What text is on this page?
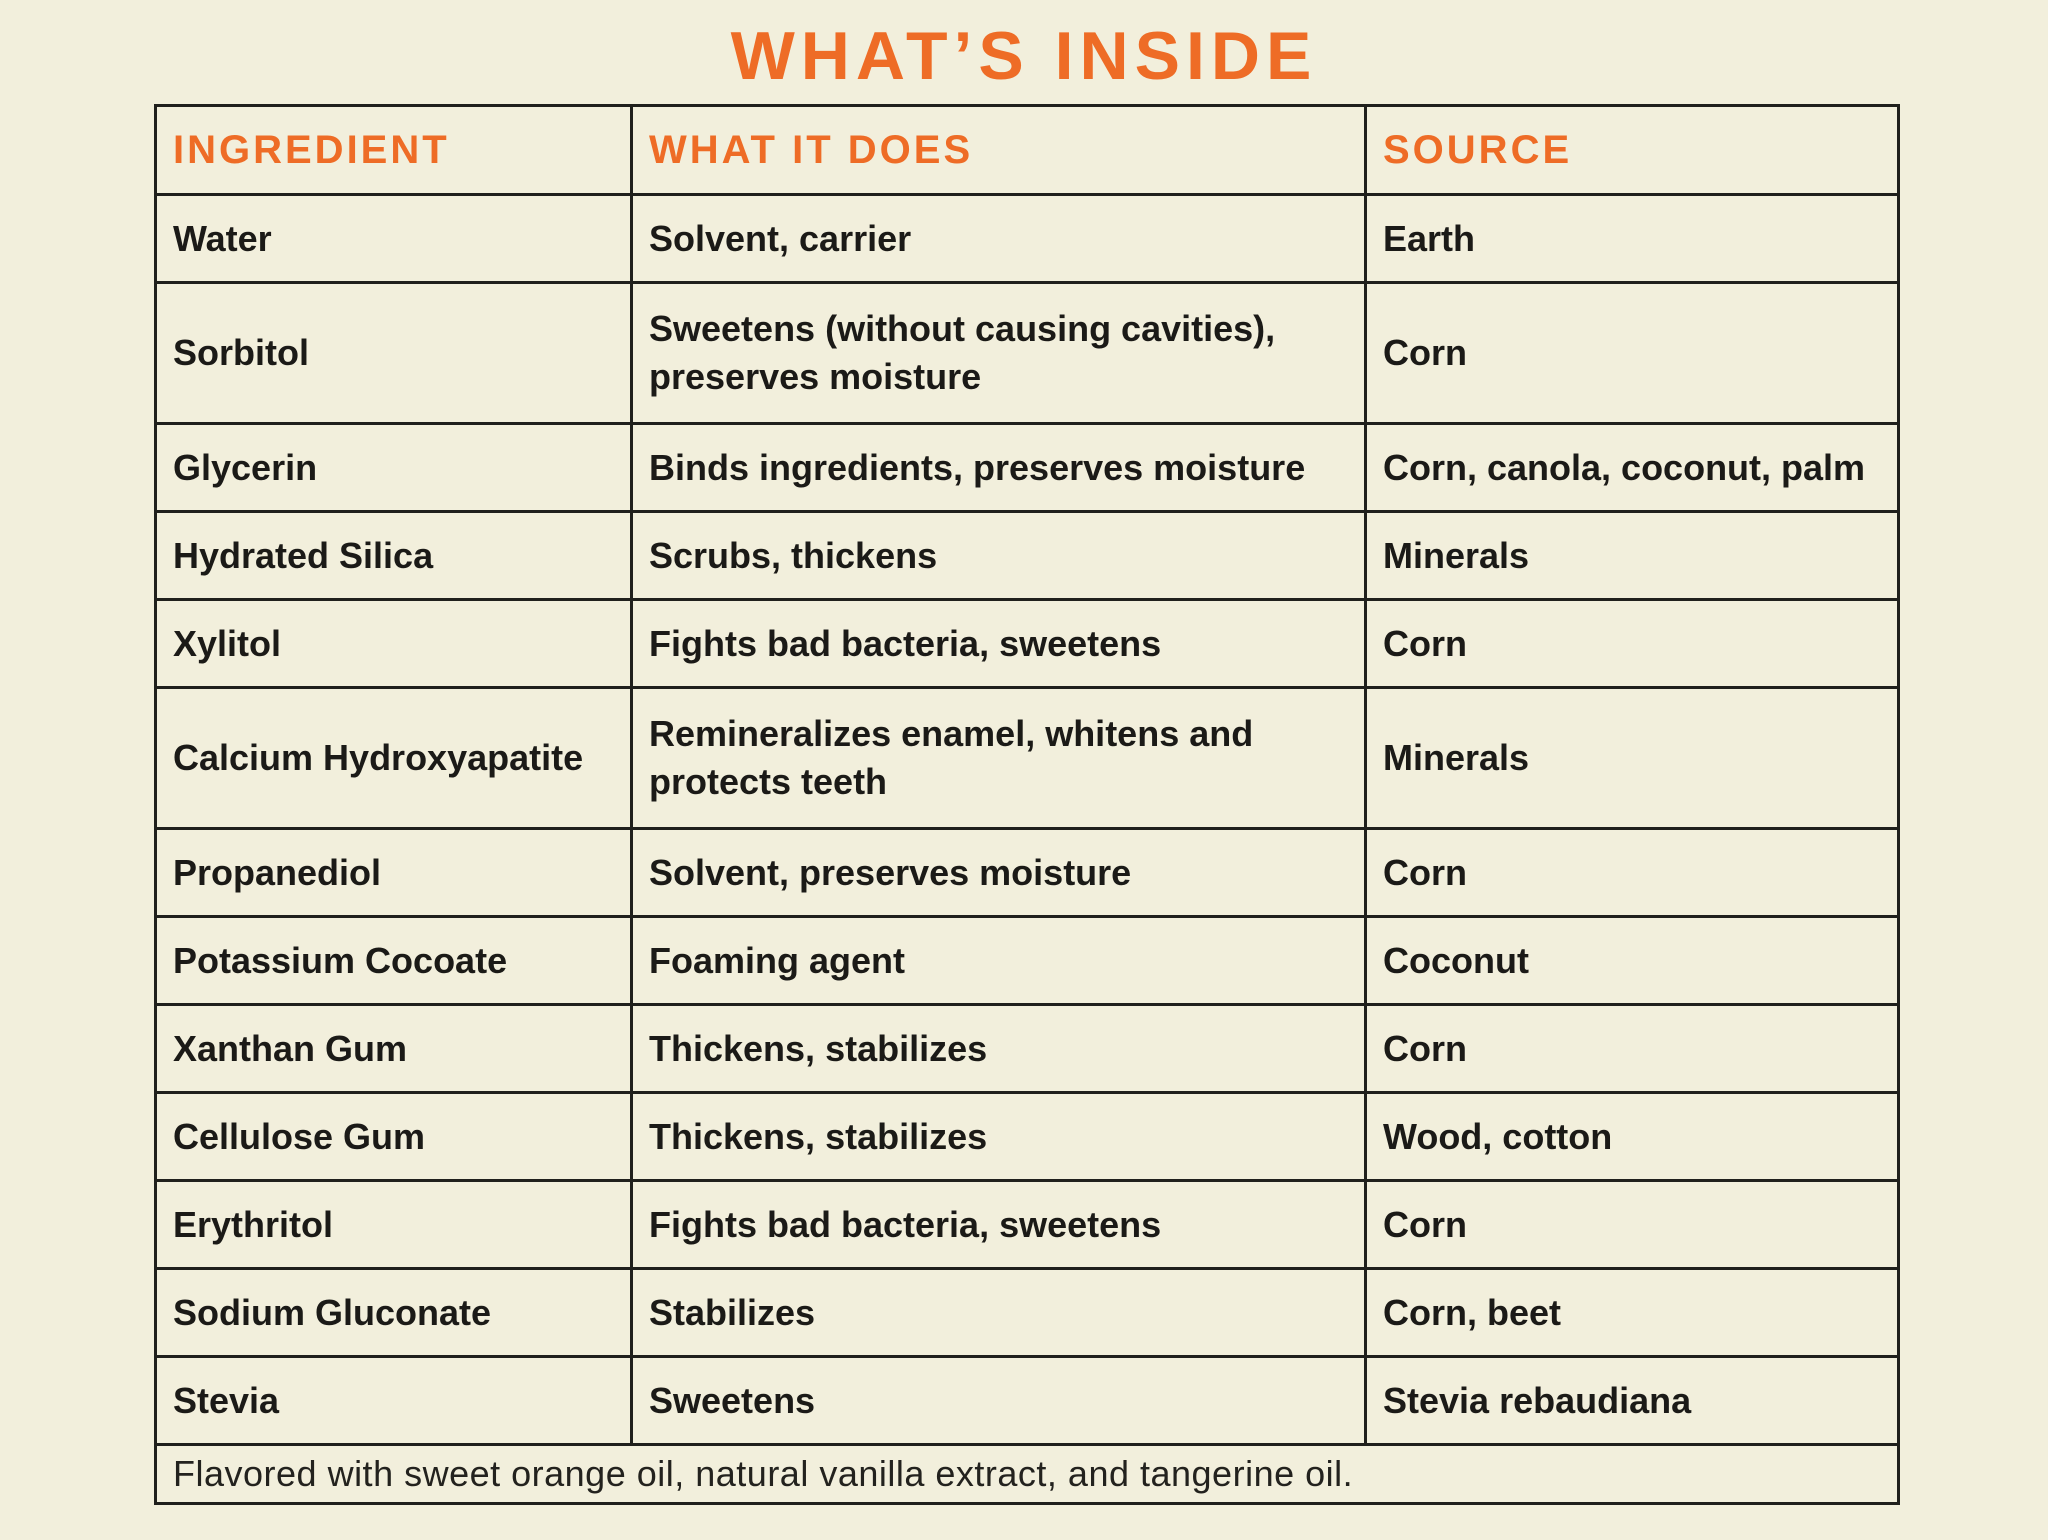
WHAT’S INSIDE
INGREDIENT	WHAT IT DOES	SOURCE
Water	Solvent, carrier	Earth
Sorbitol	Sweetens (without causing cavities), preserves moisture	Corn
Glycerin	Binds ingredients, preserves moisture	Corn, canola, coconut, palm
Hydrated Silica	Scrubs, thickens	Minerals
Xylitol	Fights bad bacteria, sweetens	Corn
Calcium Hydroxyapatite	Remineralizes enamel, whitens and protects teeth	Minerals
Propanediol	Solvent, preserves moisture	Corn
Potassium Cocoate	Foaming agent	Coconut
Xanthan Gum	Thickens, stabilizes	Corn
Cellulose Gum	Thickens, stabilizes	Wood, cotton
Erythritol	Fights bad bacteria, sweetens	Corn
Sodium Gluconate	Stabilizes	Corn, beet
Stevia	Sweetens	Stevia rebaudiana
Flavored with sweet orange oil, natural vanilla extract, and tangerine oil.		
